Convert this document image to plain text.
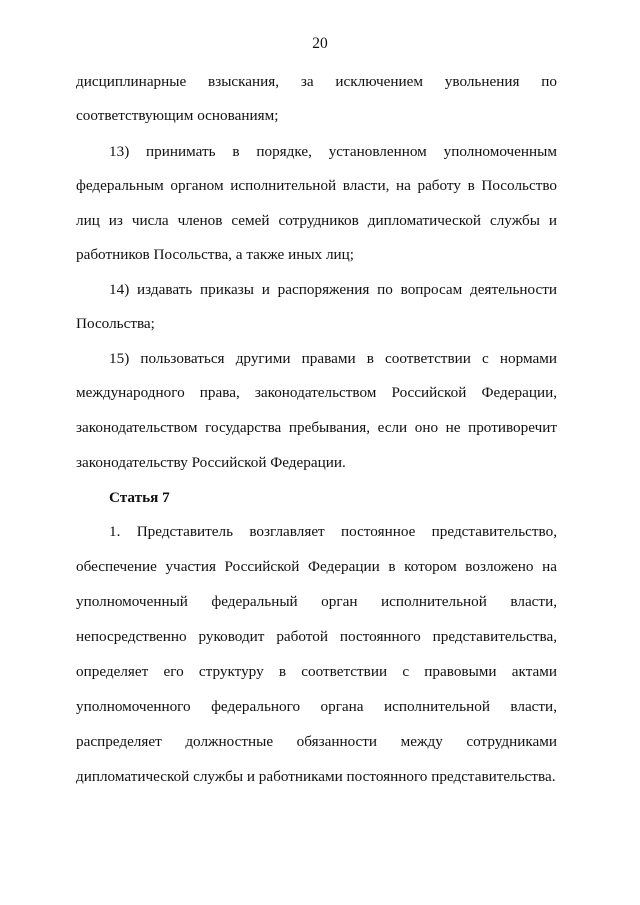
20
дисциплинарные взыскания, за исключением увольнения по
соответствующим основаниям;
13) принимать в порядке, установленном уполномоченным
федеральным органом исполнительной власти, на работу в Посольство
лиц из числа членов семей сотрудников дипломатической службы и
работников Посольства, а также иных лиц;
14) издавать приказы и распоряжения по вопросам деятельности
Посольства;
15) пользоваться другими правами в соответствии с нормами
международного права, законодательством Российской Федерации,
законодательством государства пребывания, если оно не противоречит
законодательству Российской Федерации.
Статья 7
1. Представитель возглавляет постоянное представительство,
обеспечение участия Российской Федерации в котором возложено на
уполномоченный федеральный орган исполнительной власти,
непосредственно руководит работой постоянного представительства,
определяет его структуру в соответствии с правовыми актами
уполномоченного федерального органа исполнительной власти,
распределяет должностные обязанности между сотрудниками
дипломатической службы и работниками постоянного представительства.
